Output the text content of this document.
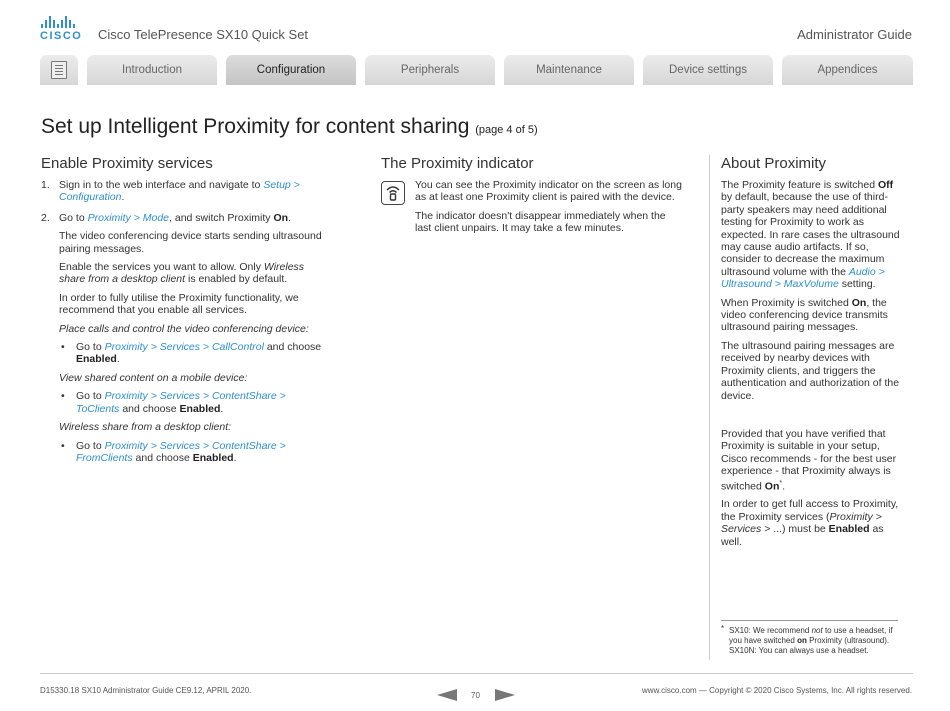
CISCO Cisco TelePresence SX10 Quick Set	Administrator Guide
Introduction	Configuration	Peripherals	Maintenance	Device settings	Appendices
Set up Intelligent Proximity for content sharing (page 4 of 5)
Enable Proximity services
1. Sign in to the web interface and navigate to Setup > Configuration.
2. Go to Proximity > Mode, and switch Proximity On.

The video conferencing device starts sending ultrasound pairing messages.

Enable the services you want to allow. Only Wireless share from a desktop client is enabled by default.

In order to fully utilise the Proximity functionality, we recommend that you enable all services.

Place calls and control the video conferencing device:

• Go to Proximity > Services > CallControl and choose Enabled.

View shared content on a mobile device:

• Go to Proximity > Services > ContentShare > ToClients and choose Enabled.

Wireless share from a desktop client:

• Go to Proximity > Services > ContentShare > FromClients and choose Enabled.
The Proximity indicator

You can see the Proximity indicator on the screen as long as at least one Proximity client is paired with the device.

The indicator doesn't disappear immediately when the last client unpairs. It may take a few minutes.

About Proximity

The Proximity feature is switched Off by default, because the use of third-party speakers may need additional testing for Proximity to work as expected. In rare cases the ultrasound may cause audio artifacts. If so, consider to decrease the maximum ultrasound volume with the Audio > Ultrasound > MaxVolume setting.

When Proximity is switched On, the video conferencing device transmits ultrasound pairing messages.

The ultrasound pairing messages are received by nearby devices with Proximity clients, and triggers the authentication and authorization of the device.

Provided that you have verified that Proximity is suitable in your setup, Cisco recommends - for the best user experience - that Proximity always is switched On*.

In order to get full access to Proximity, the Proximity services (Proximity > Services > ...) must be Enabled as well.

* SX10: We recommend not to use a headset, if you have switched on Proximity (ultrasound).
SX10N: You can always use a headset.
D15330.18 SX10 Administrator Guide CE9.12, APRIL 2020.
70
www.cisco.com — Copyright © 2020 Cisco Systems, Inc. All rights reserved.
